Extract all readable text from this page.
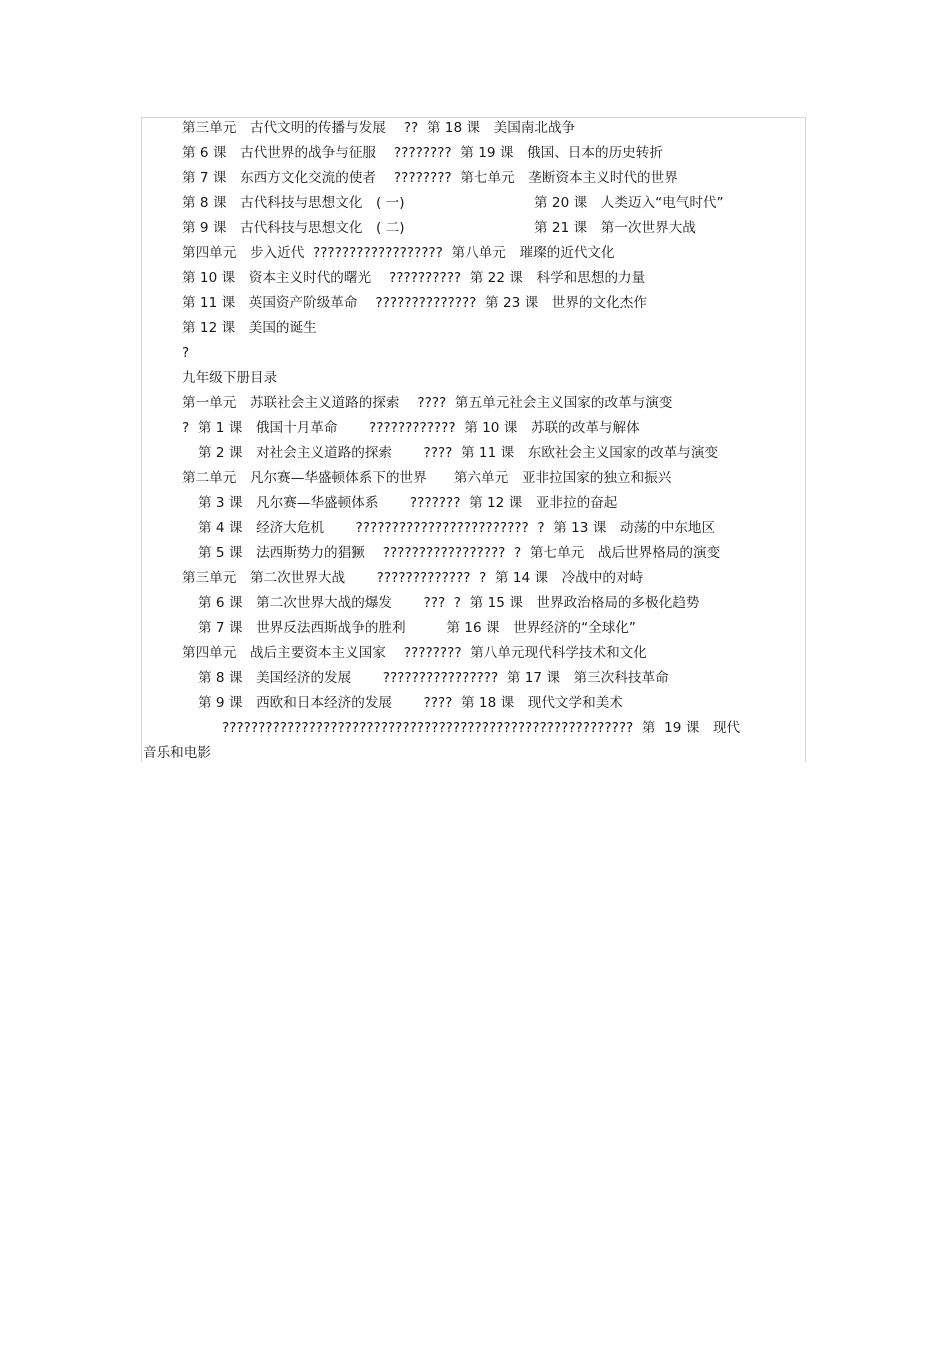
第三单元　古代文明的传播与发展　 ??  第 18 课　美国南北战争
第 6 课　古代世界的战争与征服　 ????????  第 19 课　俄国、日本的历史转折
第 7 课　东西方文化交流的使者　 ????????  第七单元　垄断资本主义时代的世界
第 8 课　古代科技与思想文化　( 一)	第 20 课　人类迈入“电气时代”
第 9 课　古代科技与思想文化　( 二)	第 21 课　第一次世界大战
第四单元　步入近代  ??????????????????  第八单元　璀璨的近代文化
第 10 课　资本主义时代的曙光　 ??????????  第 22 课　科学和思想的力量
第 11 课　英国资产阶级革命　 ??????????????  第 23 课　世界的文化杰作
第 12 课　美国的诞生
?
九年级下册目录
第一单元　苏联社会主义道路的探索　 ????  第五单元社会主义国家的改革与演变
?  第 1 课　俄国十月革命　　 ????????????  第 10 课　苏联的改革与解体
第 2 课　对社会主义道路的探索　　 ????  第 11 课　东欧社会主义国家的改革与演变
第二单元　凡尔赛—华盛顿体系下的世界　　第六单元　亚非拉国家的独立和振兴
第 3 课　凡尔赛—华盛顿体系　　 ???????  第 12 课　亚非拉的奋起
第 4 课　经济大危机　　 ????????????????????????  ?  第 13 课　动荡的中东地区
第 5 课　法西斯势力的猖獗　 ?????????????????  ?  第七单元　战后世界格局的演变
第三单元　第二次世界大战　　 ?????????????  ?  第 14 课　冷战中的对峙
第 6 课　第二次世界大战的爆发　　 ???  ?  第 15 课　世界政治格局的多极化趋势
第 7 课　世界反法西斯战争的胜利　　　第 16 课　世界经济的“全球化”
第四单元　战后主要资本主义国家　 ????????  第八单元现代科学技术和文化
第 8 课　美国经济的发展　　 ????????????????  第 17 课　第三次科技革命
第 9 课　西欧和日本经济的发展　　 ????  第 18 课　现代文学和美术
?????????????????????????????????????????????????????????  第  19 课　现代
音乐和电影
